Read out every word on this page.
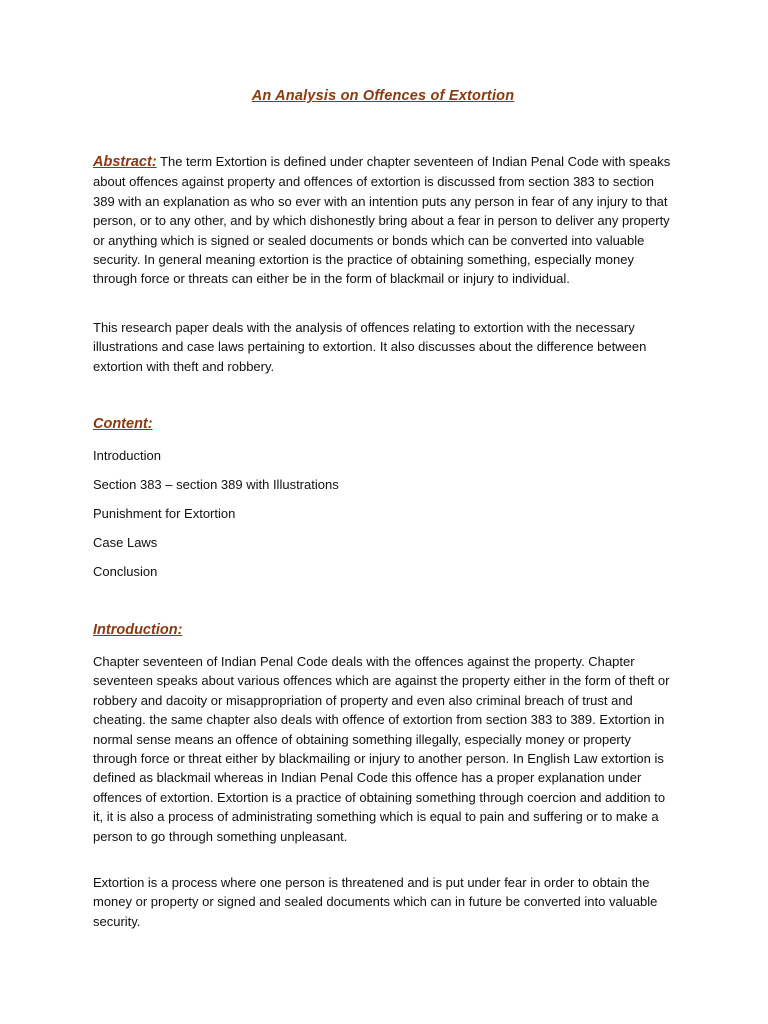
An Analysis on Offences of Extortion

Abstract: The term Extortion is defined under chapter seventeen of Indian Penal Code with speaks about offences against property and offences of extortion is discussed from section 383 to section 389 with an explanation as who so ever with an intention puts any person in fear of any injury to that person, or to any other, and by which dishonestly bring about a fear in person to deliver any property or anything which is signed or sealed documents or bonds which can be converted into valuable security. In general meaning extortion is the practice of obtaining something, especially money through force or threats can either be in the form of blackmail or injury to individual.

This research paper deals with the analysis of offences relating to extortion with the necessary illustrations and case laws pertaining to extortion. It also discusses about the difference between extortion with theft and robbery.

Content:

Introduction

Section 383 – section 389 with Illustrations

Punishment for Extortion

Case Laws

Conclusion

Introduction:

Chapter seventeen of Indian Penal Code deals with the offences against the property. Chapter seventeen speaks about various offences which are against the property either in the form of theft or robbery and dacoity or misappropriation of property and even also criminal breach of trust and cheating. the same chapter also deals with offence of extortion from section 383 to 389. Extortion in normal sense means an offence of obtaining something illegally, especially money or property through force or threat either by blackmailing or injury to another person. In English Law extortion is defined as blackmail whereas in Indian Penal Code this offence has a proper explanation under offences of extortion. Extortion is a practice of obtaining something through coercion and addition to it, it is also a process of administrating something which is equal to pain and suffering or to make a person to go through something unpleasant.

Extortion is a process where one person is threatened and is put under fear in order to obtain the money or property or signed and sealed documents which can in future be converted into valuable security.
